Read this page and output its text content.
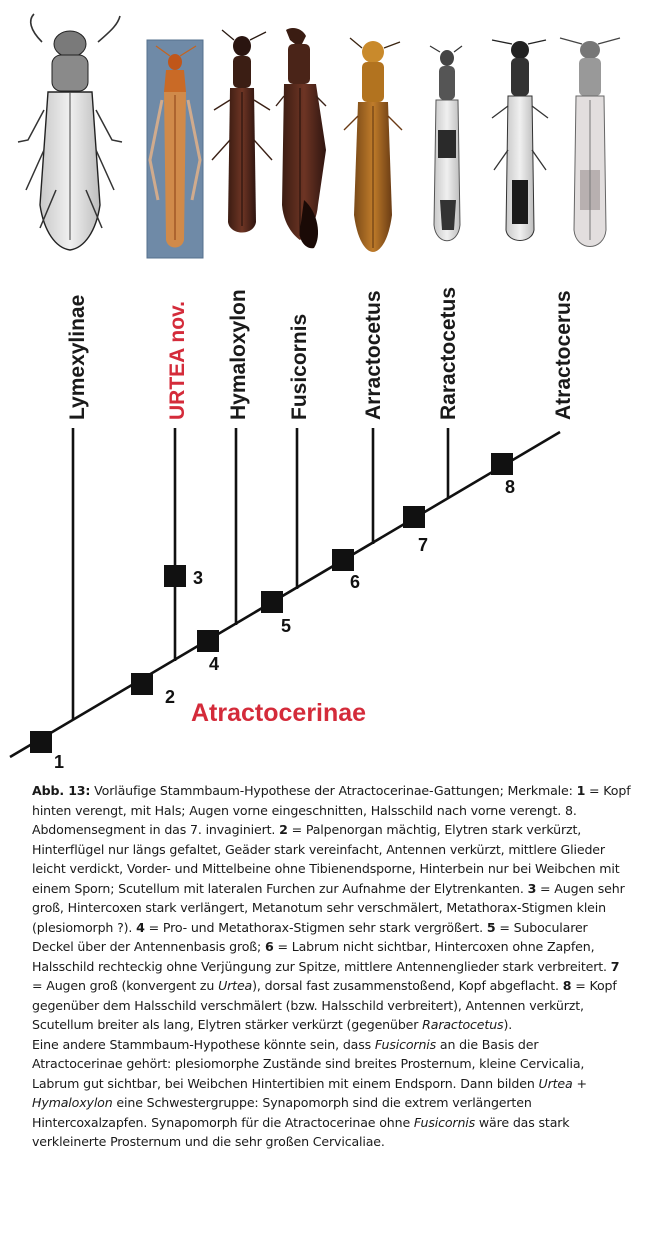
Lymexylinae	URTEA nov. Hymaloxylon Fusicornis Arractocetus Raractocetus	Atractocerus
1
2
3
4
5
6
7
8
Atractocerinae

Abb. 13: Vorläufige Stammbaum-Hypothese der Atractocerinae-Gattungen; Merkmale: 1 = Kopf hinten verengt, mit Hals; Augen vorne eingeschnitten, Halsschild nach vorne verengt. 8. Abdomensegment in das 7. invaginiert. 2 = Palpenorgan mächtig, Elytren stark verkürzt, Hinterflügel nur längs gefaltet, Geäder stark vereinfacht, Antennen verkürzt, mittlere Glieder leicht verdickt, Vorder- und Mittelbeine ohne Tibienendsporne, Hinterbein nur bei Weibchen mit einem Sporn; Scutellum mit lateralen Furchen zur Aufnahme der Elytrenkanten. 3 = Augen sehr groß, Hintercoxen stark verlängert, Metanotum sehr verschmälert, Metathorax-Stigmen klein (plesiomorph ?). 4 = Pro- und Metathorax-Stigmen sehr stark vergrößert. 5 = Subocularer Deckel über der Antennenbasis groß; 6 = Labrum nicht sichtbar, Hintercoxen ohne Zapfen, Halsschild rechteckig ohne Verjüngung zur Spitze, mittlere Antennenglieder stark verbreitert. 7 = Augen groß (konvergent zu Urtea), dorsal fast zusammenstoßend, Kopf abgeflacht. 8 = Kopf gegenüber dem Halsschild verschmälert (bzw. Halsschild verbreitert), Antennen verkürzt, Scutellum breiter als lang, Elytren stärker verkürzt (gegenüber Raractocetus).

Eine andere Stammbaum-Hypothese könnte sein, dass Fusicornis an die Basis der Atractocerinae gehört: plesiomorphe Zustände sind breites Prosternum, kleine Cervicalia, Labrum gut sichtbar, bei Weibchen Hintertibien mit einem Endsporn. Dann bilden Urtea + Hymaloxylon eine Schwestergruppe: Synapomorph sind die extrem verlängerten Hintercoxalzapfen. Synapomorph für die Atractocerinae ohne Fusicornis wäre das stark verkleinerte Prosternum und die sehr großen Cervicaliae.
